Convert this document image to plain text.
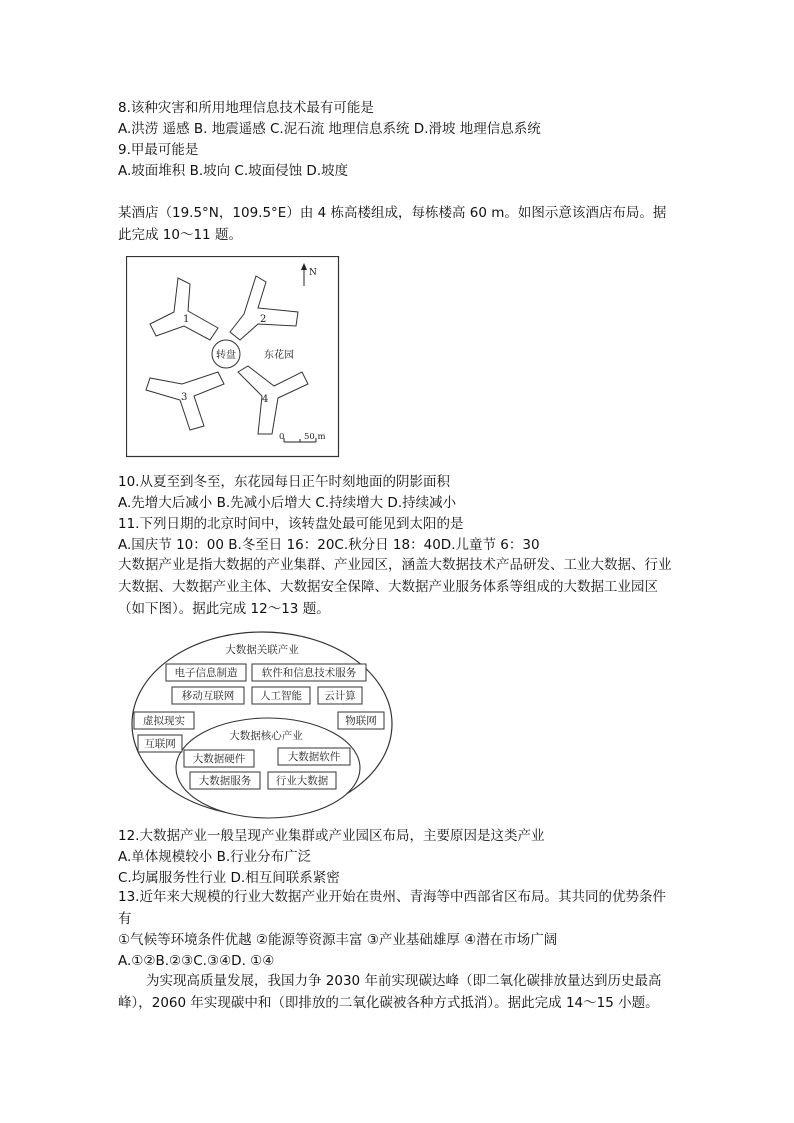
8.该种灾害和所用地理信息技术最有可能是
A.洪涝 遥感 B. 地震遥感 C.泥石流 地理信息系统 D.滑坡 地理信息系统
9.甲最可能是
A.坡面堆积 B.坡向 C.坡面侵蚀 D.坡度
某酒店（19.5°N，109.5°E）由 4 栋高楼组成，每栋楼高 60 m。如图示意该酒店布局。据此完成 10～11 题。
N
1	2
3	4
转盘	东花园
0 50 m
10.从夏至到冬至，东花园每日正午时刻地面的阴影面积
A.先增大后减小 B.先减小后增大 C.持续增大 D.持续减小
11.下列日期的北京时间中，该转盘处最可能见到太阳的是
A.国庆节 10：00 B.冬至日 16：20C.秋分日 18：40D.儿童节 6：30
大数据产业是指大数据的产业集群、产业园区，涵盖大数据技术产品研发、工业大数据、行业大数据、大数据产业主体、大数据安全保障、大数据产业服务体系等组成的大数据工业园区（如下图）。据此完成 12～13 题。
大数据关联产业
电子信息制造 软件和信息技术服务
移动互联网 人工智能 云计算
虚拟现实	物联网
互联网
大数据核心产业
大数据硬件	大数据软件
大数据服务 行业大数据
12.大数据产业一般呈现产业集群或产业园区布局，主要原因是这类产业
A.单体规模较小 B.行业分布广泛
C.均属服务性行业 D.相互间联系紧密
13.近年来大规模的行业大数据产业开始在贵州、青海等中西部省区布局。其共同的优势条件有
①气候等环境条件优越 ②能源等资源丰富 ③产业基础雄厚 ④潜在市场广阔
A.①②B.②③C.③④D. ①④
为实现高质量发展，我国力争 2030 年前实现碳达峰（即二氧化碳排放量达到历史最高峰），2060 年实现碳中和（即排放的二氧化碳被各种方式抵消）。据此完成 14～15 小题。
